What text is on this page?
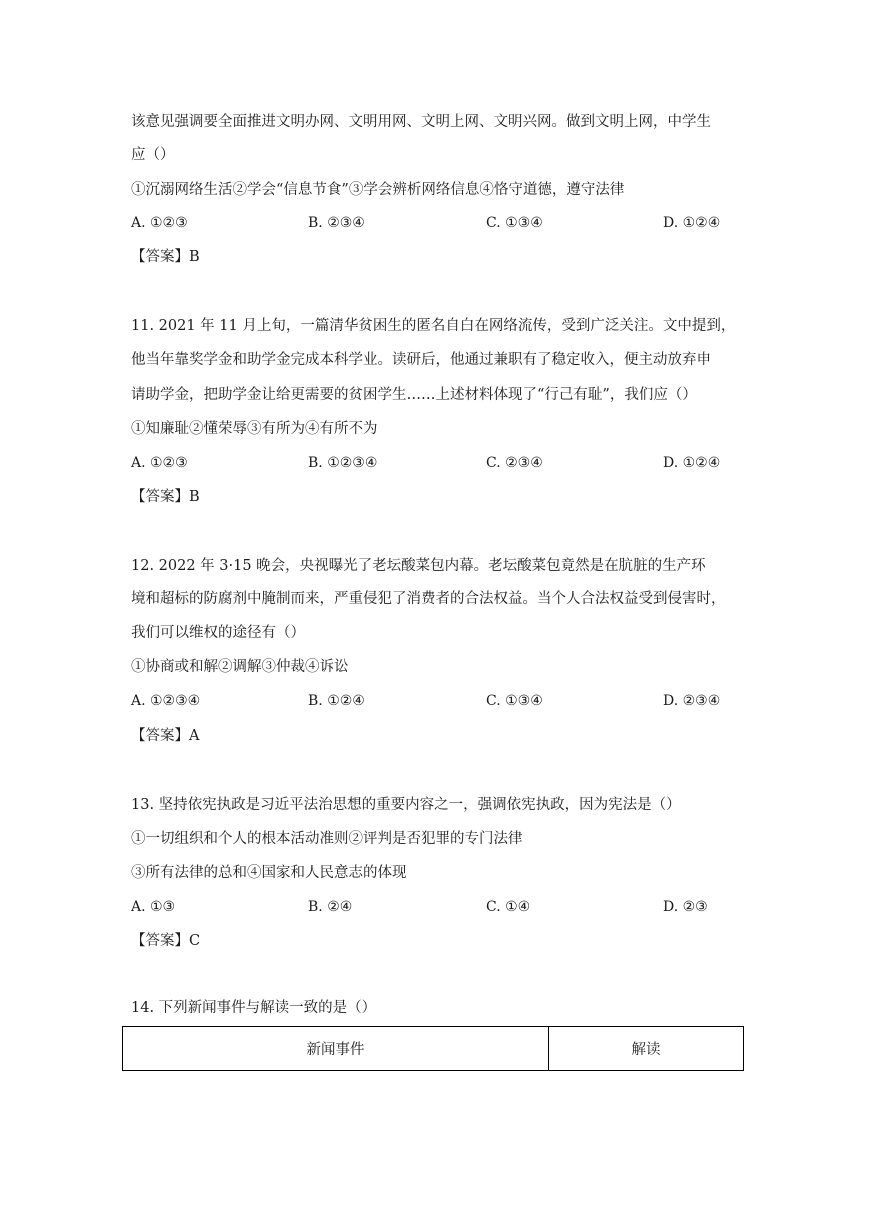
该意见强调要全面推进文明办网、文明用网、文明上网、文明兴网。做到文明上网，中学生
应（）
①沉溺网络生活②学会“信息节食”③学会辨析网络信息④恪守道德，遵守法律
A. ①②③	B. ②③④	C. ①③④	D. ①②④
【答案】B
11. 2021 年 11 月上旬，一篇清华贫困生的匿名自白在网络流传，受到广泛关注。文中提到，
他当年靠奖学金和助学金完成本科学业。读研后，他通过兼职有了稳定收入，便主动放弃申
请助学金，把助学金让给更需要的贫困学生……上述材料体现了“行己有耻”，我们应（）
①知廉耻②懂荣辱③有所为④有所不为
A. ①②③	B. ①②③④	C. ②③④	D. ①②④
【答案】B
12. 2022 年 3·15 晚会，央视曝光了老坛酸菜包内幕。老坛酸菜包竟然是在肮脏的生产环
境和超标的防腐剂中腌制而来，严重侵犯了消费者的合法权益。当个人合法权益受到侵害时，
我们可以维权的途径有（）
①协商或和解②调解③仲裁④诉讼
A. ①②③④	B. ①②④	C. ①③④	D. ②③④
【答案】A
13. 坚持依宪执政是习近平法治思想的重要内容之一，强调依宪执政，因为宪法是（）
①一切组织和个人的根本活动准则②评判是否犯罪的专门法律
③所有法律的总和④国家和人民意志的体现
A. ①③	B. ②④	C. ①④	D. ②③
【答案】C
14. 下列新闻事件与解读一致的是（）
新闻事件	解读
